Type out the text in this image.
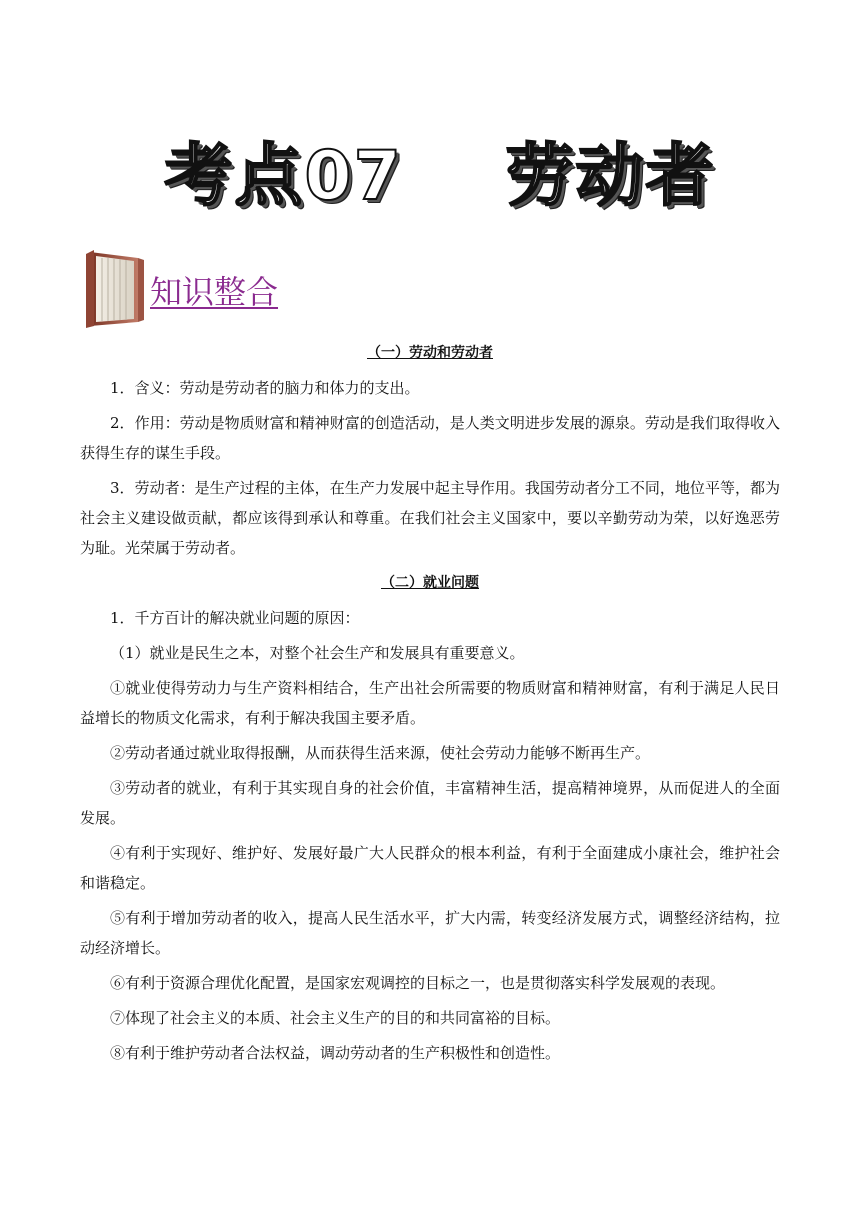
考点07    劳动者
知识整合

（一）劳动和劳动者

1．含义：劳动是劳动者的脑力和体力的支出。

2．作用：劳动是物质财富和精神财富的创造活动，是人类文明进步发展的源泉。劳动是我们取得收入获得生存的谋生手段。

3．劳动者：是生产过程的主体，在生产力发展中起主导作用。我国劳动者分工不同，地位平等，都为社会主义建设做贡献，都应该得到承认和尊重。在我们社会主义国家中，要以辛勤劳动为荣，以好逸恶劳为耻。光荣属于劳动者。

（二）就业问题

1．千方百计的解决就业问题的原因：

（1）就业是民生之本，对整个社会生产和发展具有重要意义。

①就业使得劳动力与生产资料相结合，生产出社会所需要的物质财富和精神财富，有利于满足人民日益增长的物质文化需求，有利于解决我国主要矛盾。

②劳动者通过就业取得报酬，从而获得生活来源，使社会劳动力能够不断再生产。

③劳动者的就业，有利于其实现自身的社会价值，丰富精神生活，提高精神境界，从而促进人的全面发展。

④有利于实现好、维护好、发展好最广大人民群众的根本利益，有利于全面建成小康社会，维护社会和谐稳定。

⑤有利于增加劳动者的收入，提高人民生活水平，扩大内需，转变经济发展方式，调整经济结构，拉动经济增长。

⑥有利于资源合理优化配置，是国家宏观调控的目标之一，也是贯彻落实科学发展观的表现。

⑦体现了社会主义的本质、社会主义生产的目的和共同富裕的目标。

⑧有利于维护劳动者合法权益，调动劳动者的生产积极性和创造性。
